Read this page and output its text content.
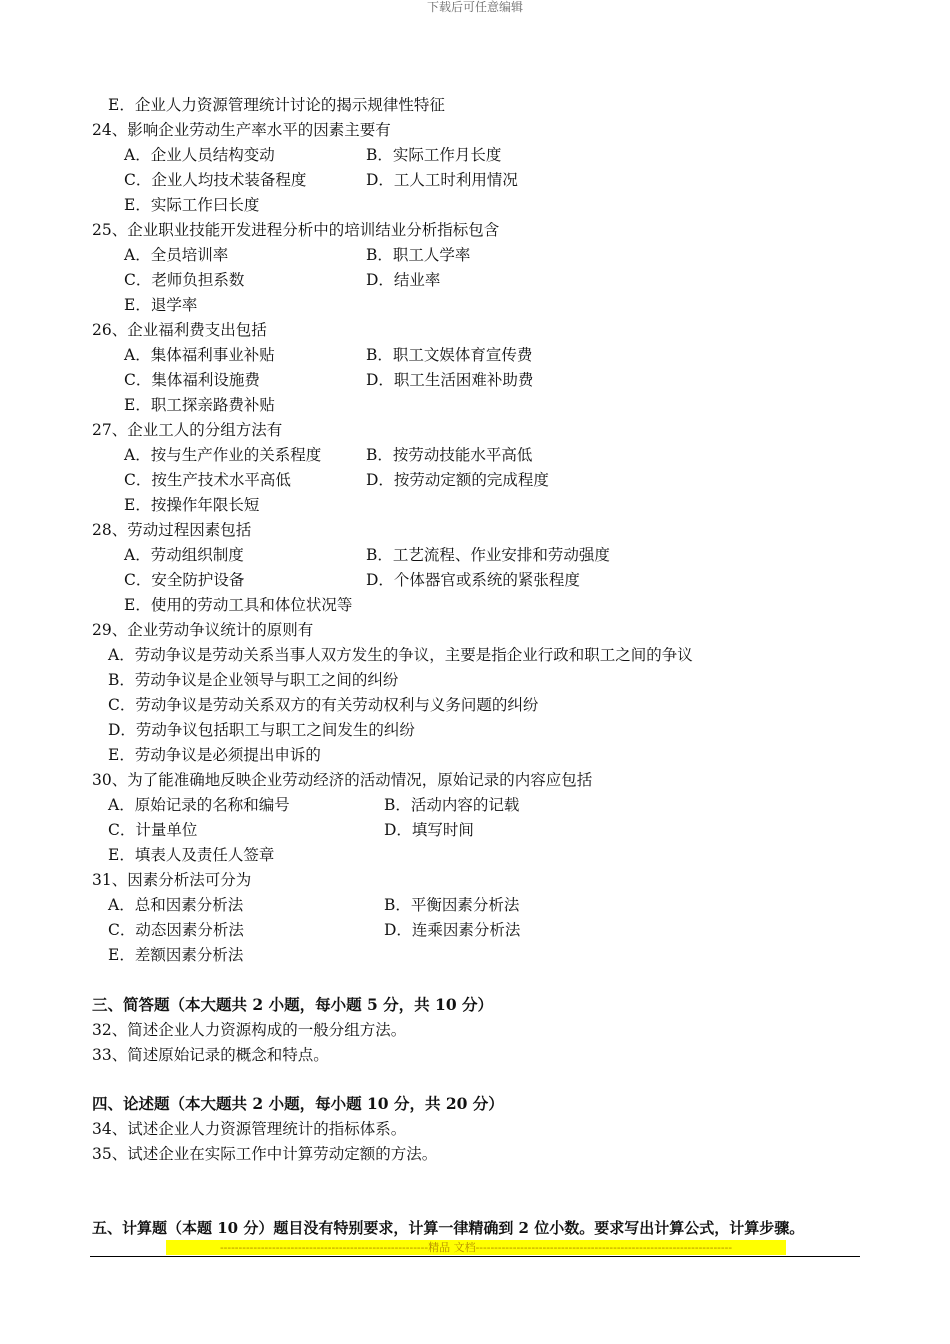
下载后可任意编辑
E．企业人力资源管理统计讨论的揭示规律性特征
24、影响企业劳动生产率水平的因素主要有
A．企业人员结构变动	B．实际工作月长度
C．企业人均技术装备程度	D．工人工时利用情况
E．实际工作曰长度
25、企业职业技能开发进程分析中的培训结业分析指标包含
A．全员培训率	B．职工人学率
C．老师负担系数	D．结业率
E．退学率
26、企业福利费支出包括
A．集体福利事业补贴	B．职工文娱体育宣传费
C．集体福利设施费	D．职工生活困难补助费
E．职工探亲路费补贴
27、企业工人的分组方法有
A．按与生产作业的关系程度	B．按劳动技能水平高低
C．按生产技术水平高低	D．按劳动定额的完成程度
E．按操作年限长短
28、劳动过程因素包括
A．劳动组织制度	B．工艺流程、作业安排和劳动强度
C．安全防护设备	D．个体器官或系统的紧张程度
E．使用的劳动工具和体位状况等
29、企业劳动争议统计的原则有
A．劳动争议是劳动关系当事人双方发生的争议，主要是指企业行政和职工之间的争议
B．劳动争议是企业领导与职工之间的纠纷
C．劳动争议是劳动关系双方的有关劳动权利与义务问题的纠纷
D．劳动争议包括职工与职工之间发生的纠纷
E．劳动争议是必须提出申诉的
30、为了能准确地反映企业劳动经济的活动情况，原始记录的内容应包括
A．原始记录的名称和编号	B．活动内容的记载
C．计量单位	D．填写时间
E．填表人及责任人签章
31、因素分析法可分为
A．总和因素分析法	B．平衡因素分析法
C．动态因素分析法	D．连乘因素分析法
E．差额因素分析法
三、简答题（本大题共 2 小题，每小题 5 分，共 10 分）
32、简述企业人力资源构成的一般分组方法。
33、简述原始记录的概念和特点。
四、论述题（本大题共 2 小题，每小题 10 分，共 20 分）
34、试述企业人力资源管理统计的指标体系。
35、试述企业在实际工作中计算劳动定额的方法。
五、计算题（本题 10 分）题目没有特别要求，计算一律精确到 2 位小数。要求写出计算公式，计算步骤。
--------------------------------------------------------精品 文档---------------------------------------------------------------------
